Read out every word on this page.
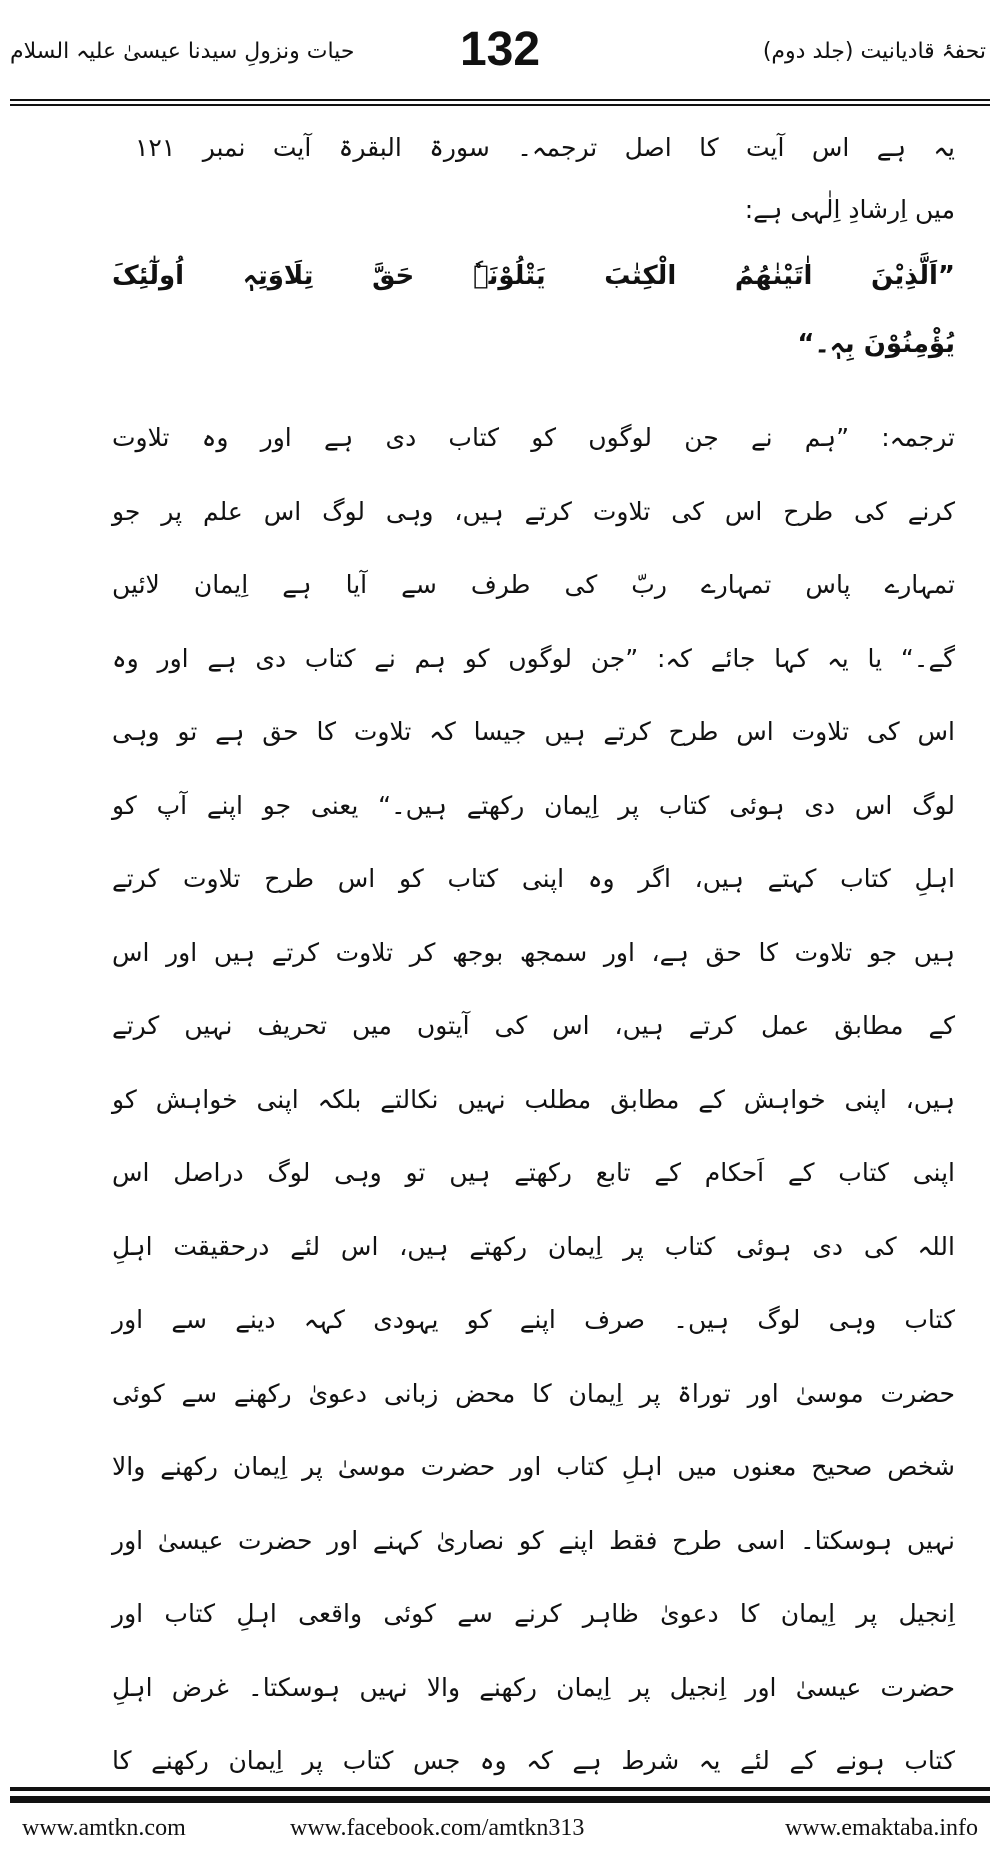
تحفۂ قادیانیت (جلد دوم)
132
حیات ونزولِ سیدنا عیسیٰ علیہ السلام
یہ ہے اس آیت کا اصل ترجمہ۔ سورۃ البقرۃ آیت نمبر ۱۲۱
میں اِرشادِ اِلٰہی ہے:
”اَلَّذِیْنَ اٰتَیْنٰھُمُ الْکِتٰبَ یَتْلُوْنَہٗ حَقَّ تِلَاوَتِہٖ اُولٰٓئِکَ
یُؤْمِنُوْنَ بِہٖ۔“
ترجمہ: ”ہم نے جن لوگوں کو کتاب دی ہے اور وہ تلاوت
کرنے کی طرح اس کی تلاوت کرتے ہیں، وہی لوگ اس علم پر جو
تمہارے پاس تمہارے ربّ کی طرف سے آیا ہے اِیمان لائیں
گے۔“ یا یہ کہا جائے کہ: ”جن لوگوں کو ہم نے کتاب دی ہے اور وہ
اس کی تلاوت اس طرح کرتے ہیں جیسا کہ تلاوت کا حق ہے تو وہی
لوگ اس دی ہوئی کتاب پر اِیمان رکھتے ہیں۔“ یعنی جو اپنے آپ کو
اہلِ کتاب کہتے ہیں، اگر وہ اپنی کتاب کو اس طرح تلاوت کرتے
ہیں جو تلاوت کا حق ہے، اور سمجھ بوجھ کر تلاوت کرتے ہیں اور اس
کے مطابق عمل کرتے ہیں، اس کی آیتوں میں تحریف نہیں کرتے
ہیں، اپنی خواہش کے مطابق مطلب نہیں نکالتے بلکہ اپنی خواہش کو
اپنی کتاب کے اَحکام کے تابع رکھتے ہیں تو وہی لوگ دراصل اس
اللہ کی دی ہوئی کتاب پر اِیمان رکھتے ہیں، اس لئے درحقیقت اہلِ
کتاب وہی لوگ ہیں۔ صرف اپنے کو یہودی کہہ دینے سے اور
حضرت موسیٰ اور توراۃ پر اِیمان کا محض زبانی دعویٰ رکھنے سے کوئی
شخص صحیح معنوں میں اہلِ کتاب اور حضرت موسیٰ پر اِیمان رکھنے والا
نہیں ہوسکتا۔ اسی طرح فقط اپنے کو نصاریٰ کہنے اور حضرت عیسیٰ اور
اِنجیل پر اِیمان کا دعویٰ ظاہر کرنے سے کوئی واقعی اہلِ کتاب اور
حضرت عیسیٰ اور اِنجیل پر اِیمان رکھنے والا نہیں ہوسکتا۔ غرض اہلِ
کتاب ہونے کے لئے یہ شرط ہے کہ وہ جس کتاب پر اِیمان رکھنے کا
www.amtkn.com	www.facebook.com/amtkn313	www.emaktaba.info
